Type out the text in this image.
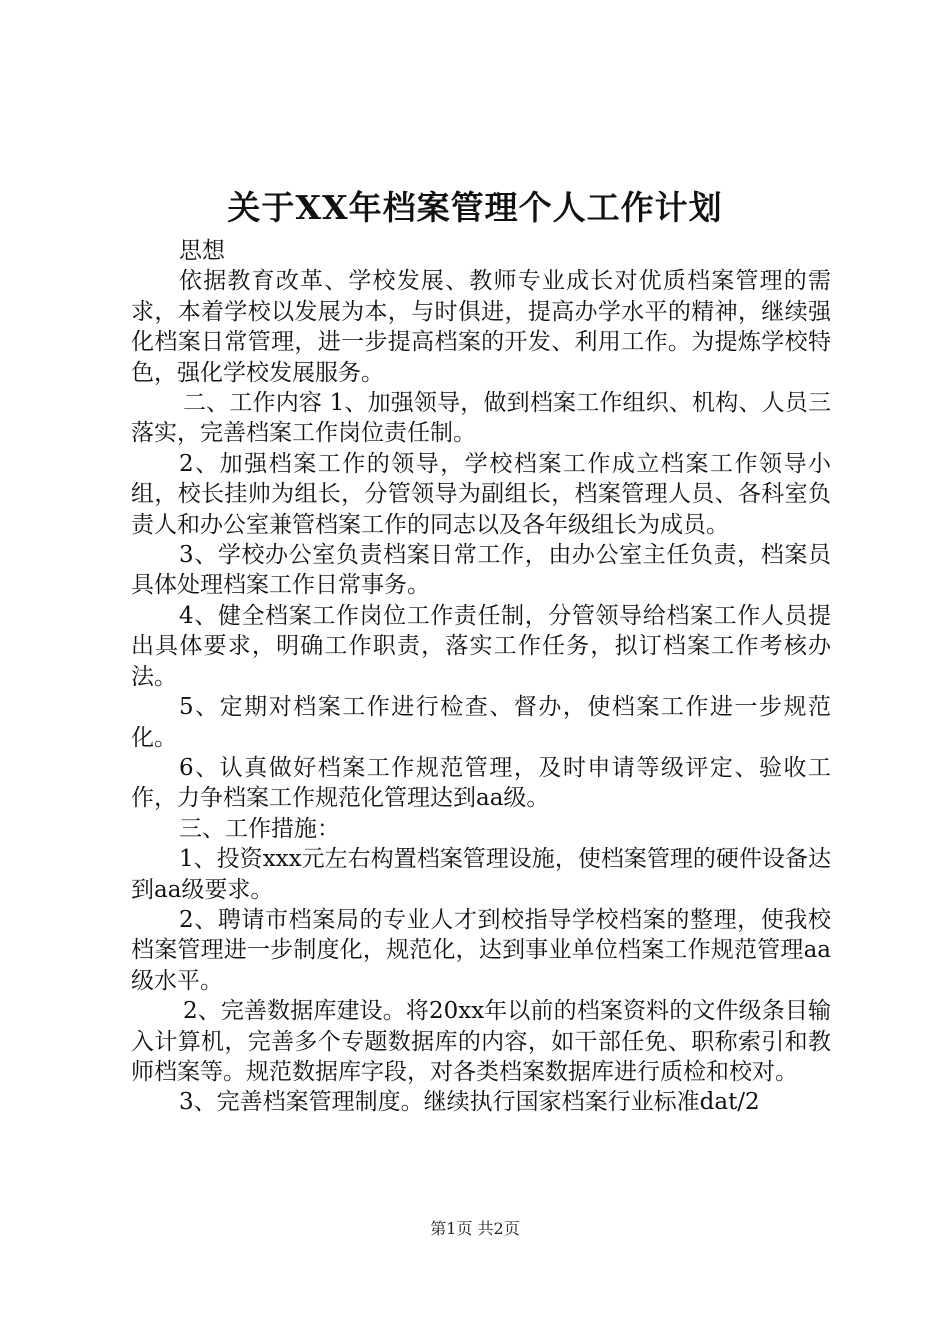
关于XX年档案管理个人工作计划

思想

依据教育改革、学校发展、教师专业成长对优质档案管理的需求，本着学校以发展为本，与时俱进，提高办学水平的精神，继续强化档案日常管理，进一步提高档案的开发、利用工作。为提炼学校特色，强化学校发展服务。

二、工作内容 1、加强领导，做到档案工作组织、机构、人员三落实，完善档案工作岗位责任制。

2、加强档案工作的领导，学校档案工作成立档案工作领导小组，校长挂帅为组长，分管领导为副组长，档案管理人员、各科室负责人和办公室兼管档案工作的同志以及各年级组长为成员。

3、学校办公室负责档案日常工作，由办公室主任负责，档案员具体处理档案工作日常事务。

4、健全档案工作岗位工作责任制，分管领导给档案工作人员提出具体要求，明确工作职责，落实工作任务，拟订档案工作考核办法。

5、定期对档案工作进行检查、督办，使档案工作进一步规范化。

6、认真做好档案工作规范管理，及时申请等级评定、验收工作，力争档案工作规范化管理达到aa级。

三、工作措施：

1、投资xxx元左右构置档案管理设施，使档案管理的硬件设备达到aa级要求。

2、聘请市档案局的专业人才到校指导学校档案的整理，使我校档案管理进一步制度化，规范化，达到事业单位档案工作规范管理aa级水平。

2、完善数据库建设。将20xx年以前的档案资料的文件级条目输入计算机，完善多个专题数据库的内容，如干部任免、职称索引和教师档案等。规范数据库字段，对各类档案数据库进行质检和校对。

3、完善档案管理制度。继续执行国家档案行业标准dat/2

第1页 共2页
